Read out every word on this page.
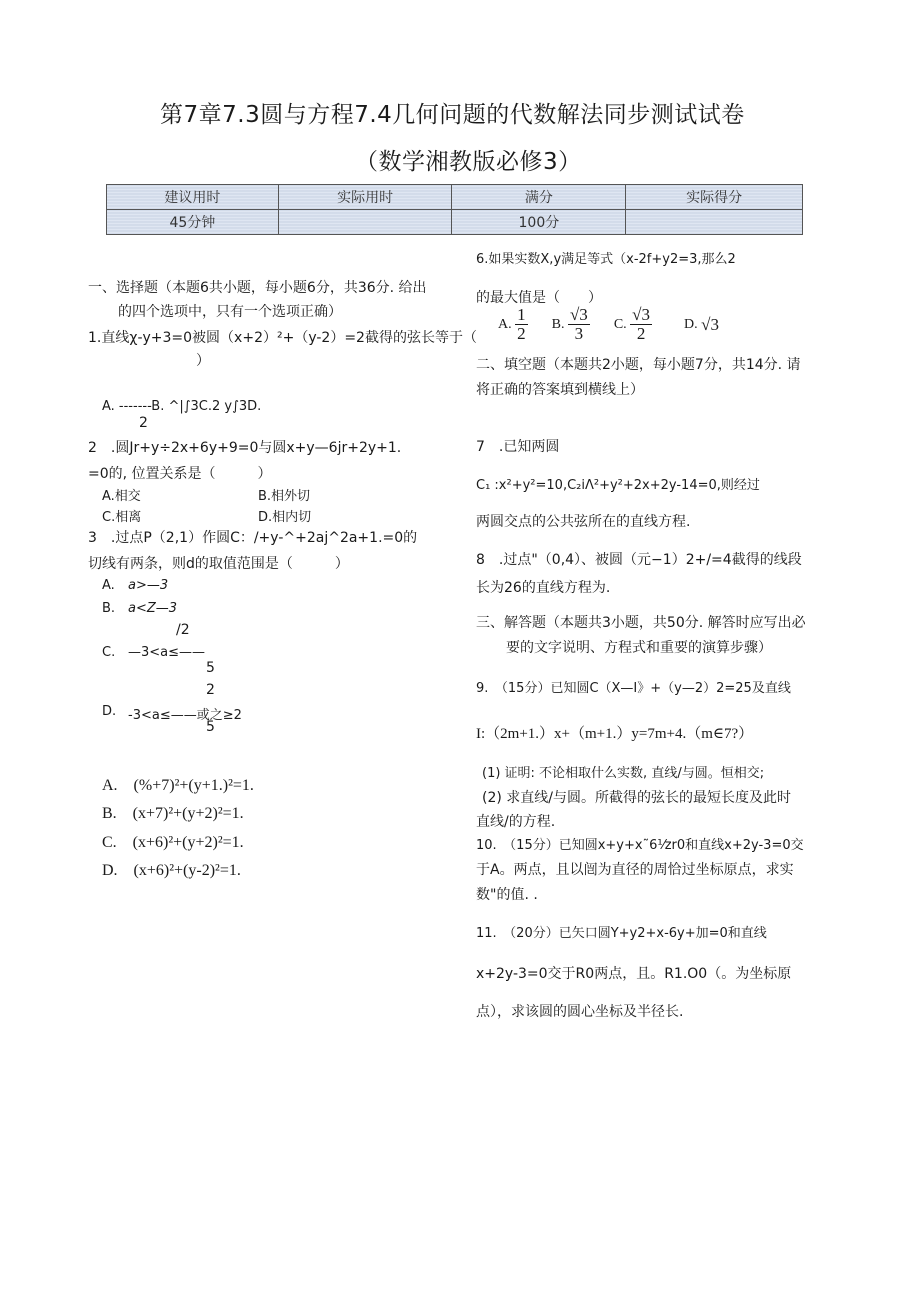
第7章7.3圆与方程7.4几何问题的代数解法同步测试试卷
（数学湘教版必修3）
建议用时	实际用时	满分	实际得分
45分钟		100分	
一、选择题（本题6共小题，每小题6分，共36分. 给出
的四个选项中，只有一个选项正确）
1.直线χ-y+3=0被圆（x+2）²+（y-2）=2截得的弦长等于（
）
A. -------B. ^|∫3C.2 y∫3D.
2
2　.圆Jr+y÷2x+6y+9=0与圆x+y—6jr+2y+1.
=0的, 位置关系是（　　　）
A.相交	B.相外切
C.相离	D.相内切
3　.过点P（2,1）作圆C：/+y-^+2aj^2a+1.=0的
切线有两条，则d的取值范围是（　　　）
A. a>—3
B. a<Z—3
/2
C. —3<a≤——
5
2
D. -3<a≤——或之≥2
5
A.　(%+7)²+(y+1.)²=1.
B.　(x+7)²+(y+2)²=1.
C.　(x+6)²+(y+2)²=1.
D.　(x+6)²+(y-2)²=1.
6.如果实数X,y满足等式（x-2f+y2=3,那么2
的最大值是（　　）
A.
$\frac{1}{2} B$.
$\frac{√3}{3} C$.
$\frac{√3}{2} D$.
√3
二、填空题（本题共2小题，每小题7分，共14分. 请
将正确的答案填到横线上）
7　.已知两圆
C₁ :x²+y²=10,C₂iΛ²+y²+2x+2y-14=0,则经过
两圆交点的公共弦所在的直线方程.
8　.过点"（0,4）、被圆（元−1）2+/=4截得的线段
长为26的直线方程为.
三、解答题（本题共3小题，共50分. 解答时应写出必
要的文字说明、方程式和重要的演算步骤）
9.　（15分）已知圆C（X—I》+（y—2）2=25及直线
I:（2m+1.）x+（m+1.）y=7m+4.（m∈7?）
(1) 证明: 不论相取什么实数, 直线/与圆。恒相交;
(2) 求直线/与圆。所截得的弦长的最短长度及此时
直线/的方程.
10.　（15分）已知圆x+y+x˜6⅟zr0和直线x+2y-3=0交
于A。两点，且以闿为直径的周恰过坐标原点，求实
数"的值. .
11.　（20分）已矢口圆Y+y2+x-6y+加=0和直线
x+2y-3=0交于R0两点，且。R1.O0（。为坐标原
点），求该圆的圆心坐标及半径长.
